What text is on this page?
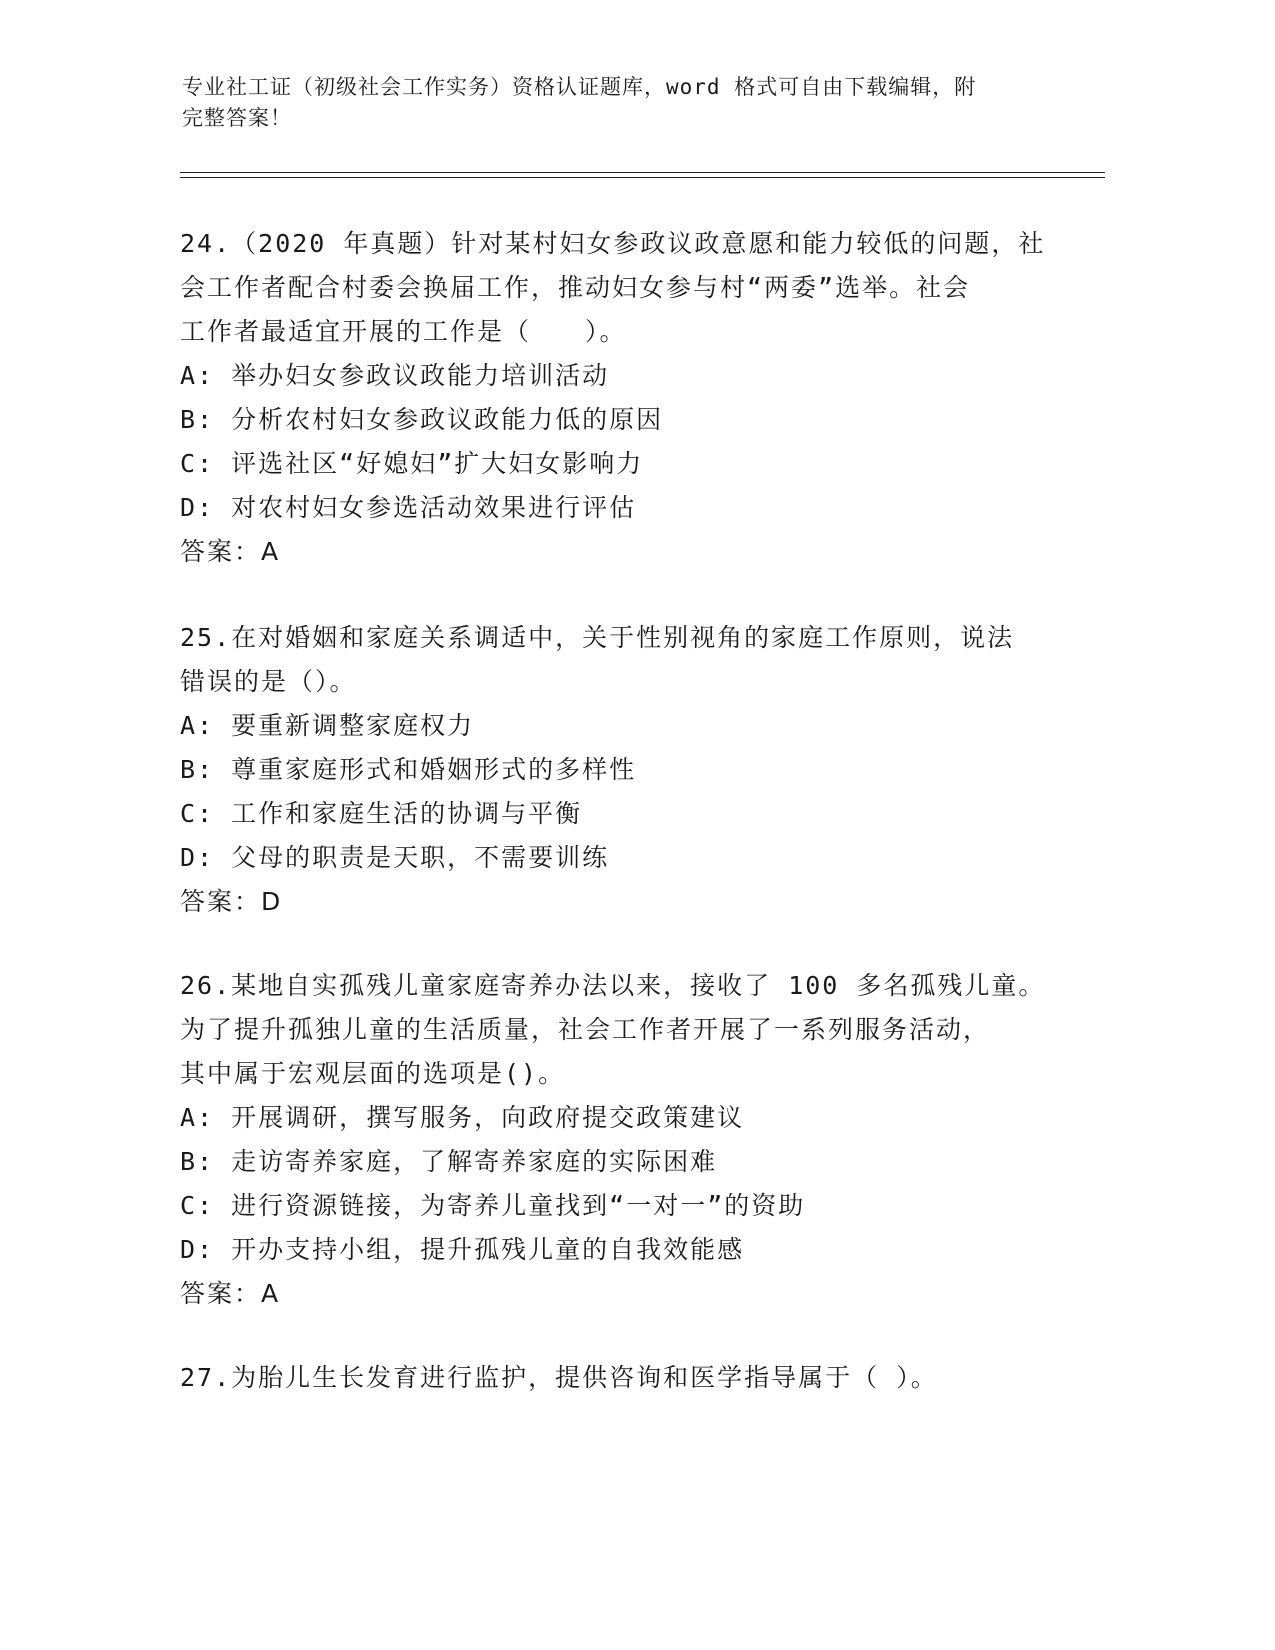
专业社工证（初级社会工作实务）资格认证题库，word 格式可自由下载编辑，附
完整答案！
24.（2020 年真题）针对某村妇女参政议政意愿和能力较低的问题，社
会工作者配合村委会换届工作，推动妇女参与村“两委”选举。社会
工作者最适宜开展的工作是（　　）。
A: 举办妇女参政议政能力培训活动
B: 分析农村妇女参政议政能力低的原因
C: 评选社区“好媳妇”扩大妇女影响力
D: 对农村妇女参选活动效果进行评估
答案：A
25.在对婚姻和家庭关系调适中，关于性别视角的家庭工作原则，说法
错误的是（）。
A: 要重新调整家庭权力
B: 尊重家庭形式和婚姻形式的多样性
C: 工作和家庭生活的协调与平衡
D: 父母的职责是天职，不需要训练
答案：D
26.某地自实孤残儿童家庭寄养办法以来，接收了 100 多名孤残儿童。
为了提升孤独儿童的生活质量，社会工作者开展了一系列服务活动，
其中属于宏观层面的选项是()。
A: 开展调研，撰写服务，向政府提交政策建议
B: 走访寄养家庭，了解寄养家庭的实际困难
C: 进行资源链接，为寄养儿童找到“一对一”的资助
D: 开办支持小组，提升孤残儿童的自我效能感
答案：A
27.为胎儿生长发育进行监护，提供咨询和医学指导属于（ ）。
